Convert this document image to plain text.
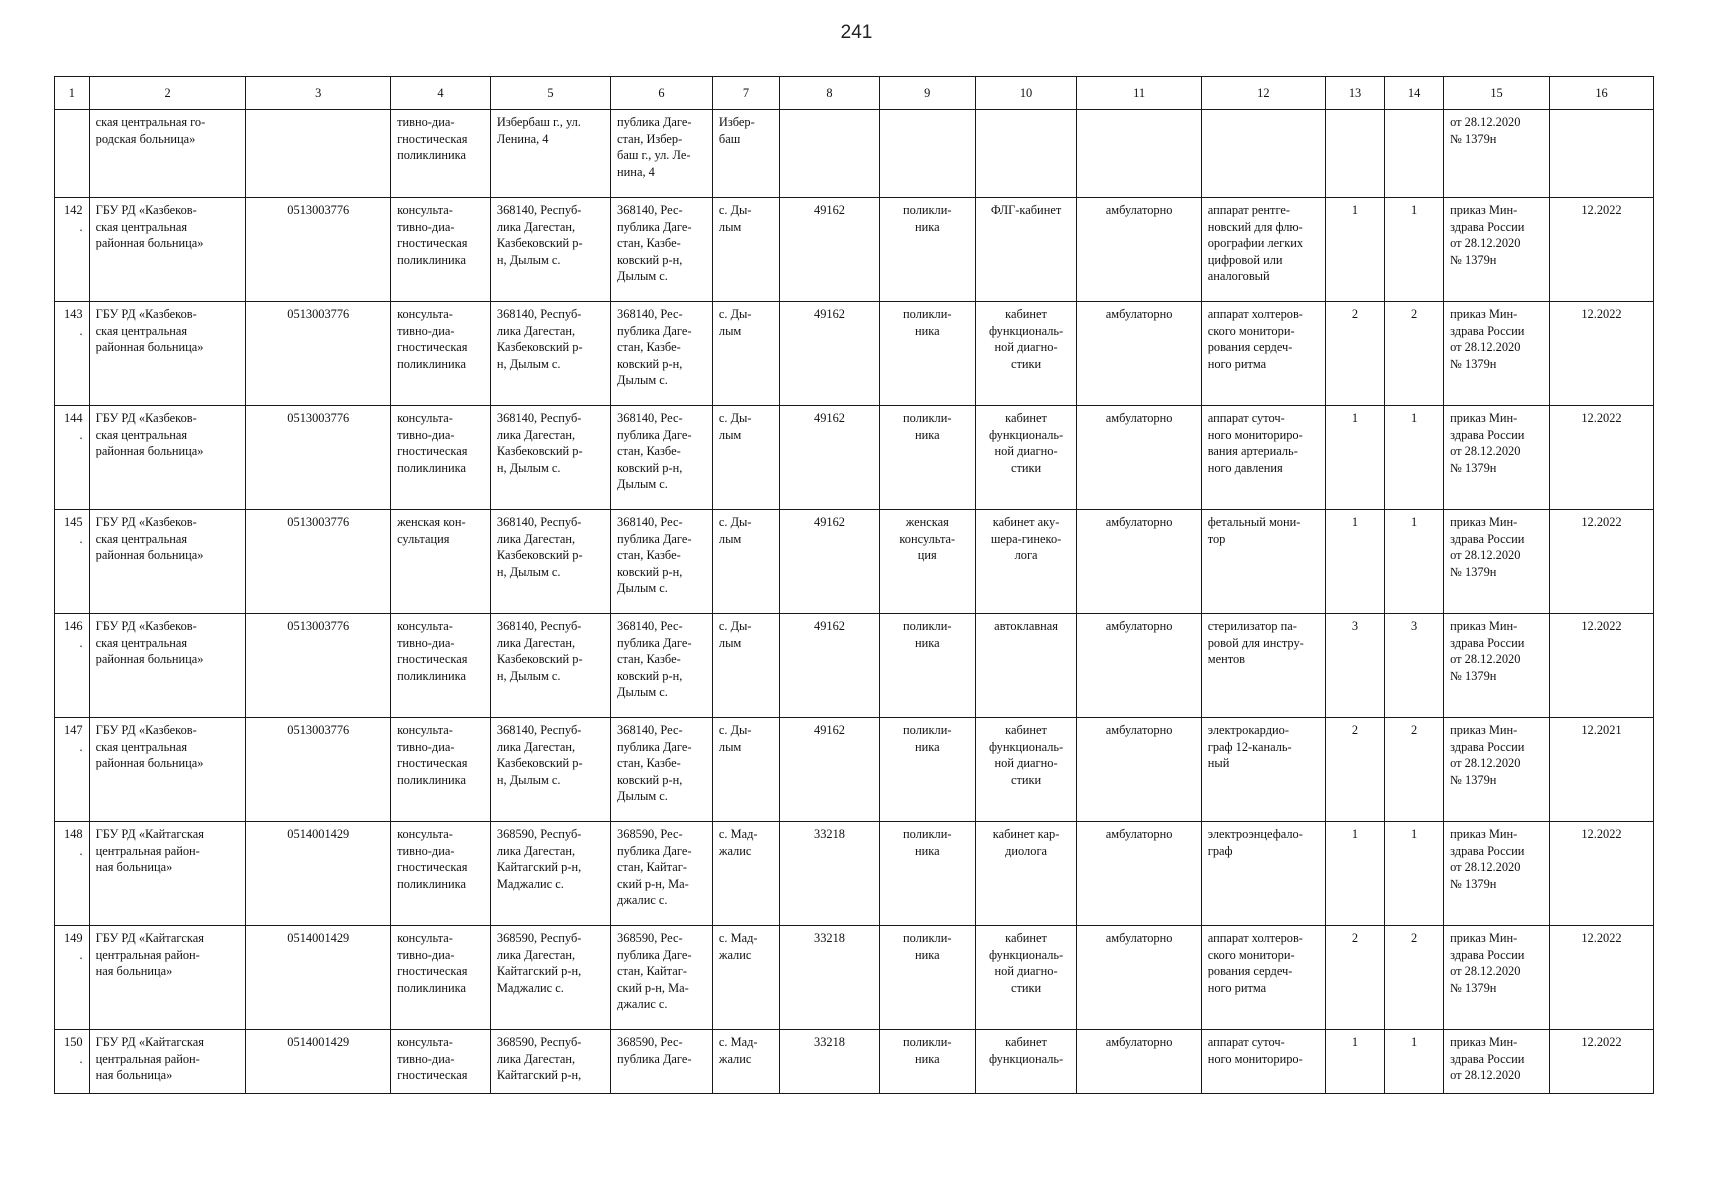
241
1	2	3	4	5	6	7	8	9	10	11	12	13	14	15	16
	ская центральная го-
родская больница»		тивно-диа-
гностическая
поликлиника	Избербаш г., ул.
Ленина, 4	публика Даге-
стан, Избер-
баш г., ул. Ле-
нина, 4	Избер-
баш								от 28.12.2020
№ 1379н	
142.	ГБУ РД «Казбеков-
ская центральная
районная больница»	0513003776	консульта-
тивно-диа-
гностическая
поликлиника	368140, Респуб-
лика Дагестан,
Казбековский р-
н, Дылым с.	368140, Рес-
публика Даге-
стан, Казбе-
ковский р-н,
Дылым с.	с. Ды-
лым	49162	поликли-
ника	ФЛГ-кабинет	амбулаторно	аппарат рентге-
новский для флю-
орографии легких
цифровой или
аналоговый	1	1	приказ Мин-
здрава России
от 28.12.2020
№ 1379н	12.2022
143.	ГБУ РД «Казбеков-
ская центральная
районная больница»	0513003776	консульта-
тивно-диа-
гностическая
поликлиника	368140, Респуб-
лика Дагестан,
Казбековский р-
н, Дылым с.	368140, Рес-
публика Даге-
стан, Казбе-
ковский р-н,
Дылым с.	с. Ды-
лым	49162	поликли-
ника	кабинет
функциональ-
ной диагно-
стики	амбулаторно	аппарат холтеров-
ского монитори-
рования сердеч-
ного ритма	2	2	приказ Мин-
здрава России
от 28.12.2020
№ 1379н	12.2022
144.	ГБУ РД «Казбеков-
ская центральная
районная больница»	0513003776	консульта-
тивно-диа-
гностическая
поликлиника	368140, Респуб-
лика Дагестан,
Казбековский р-
н, Дылым с.	368140, Рес-
публика Даге-
стан, Казбе-
ковский р-н,
Дылым с.	с. Ды-
лым	49162	поликли-
ника	кабинет
функциональ-
ной диагно-
стики	амбулаторно	аппарат суточ-
ного мониториро-
вания артериаль-
ного давления	1	1	приказ Мин-
здрава России
от 28.12.2020
№ 1379н	12.2022
145.	ГБУ РД «Казбеков-
ская центральная
районная больница»	0513003776	женская кон-
сультация	368140, Респуб-
лика Дагестан,
Казбековский р-
н, Дылым с.	368140, Рес-
публика Даге-
стан, Казбе-
ковский р-н,
Дылым с.	с. Ды-
лым	49162	женская
консульта-
ция	кабинет аку-
шера-гинеко-
лога	амбулаторно	фетальный мони-
тор	1	1	приказ Мин-
здрава России
от 28.12.2020
№ 1379н	12.2022
146.	ГБУ РД «Казбеков-
ская центральная
районная больница»	0513003776	консульта-
тивно-диа-
гностическая
поликлиника	368140, Респуб-
лика Дагестан,
Казбековский р-
н, Дылым с.	368140, Рес-
публика Даге-
стан, Казбе-
ковский р-н,
Дылым с.	с. Ды-
лым	49162	поликли-
ника	автоклавная	амбулаторно	стерилизатор па-
ровой для инстру-
ментов	3	3	приказ Мин-
здрава России
от 28.12.2020
№ 1379н	12.2022
147.	ГБУ РД «Казбеков-
ская центральная
районная больница»	0513003776	консульта-
тивно-диа-
гностическая
поликлиника	368140, Респуб-
лика Дагестан,
Казбековский р-
н, Дылым с.	368140, Рес-
публика Даге-
стан, Казбе-
ковский р-н,
Дылым с.	с. Ды-
лым	49162	поликли-
ника	кабинет
функциональ-
ной диагно-
стики	амбулаторно	электрокардио-
граф 12-каналь-
ный	2	2	приказ Мин-
здрава России
от 28.12.2020
№ 1379н	12.2021
148.	ГБУ РД «Кайтагская
центральная район-
ная больница»	0514001429	консульта-
тивно-диа-
гностическая
поликлиника	368590, Респуб-
лика Дагестан,
Кайтагский р-н,
Маджалис с.	368590, Рес-
публика Даге-
стан, Кайтаг-
ский р-н, Ма-
джалис с.	с. Мад-
жалис	33218	поликли-
ника	кабинет кар-
диолога	амбулаторно	электроэнцефало-
граф	1	1	приказ Мин-
здрава России
от 28.12.2020
№ 1379н	12.2022
149.	ГБУ РД «Кайтагская
центральная район-
ная больница»	0514001429	консульта-
тивно-диа-
гностическая
поликлиника	368590, Респуб-
лика Дагестан,
Кайтагский р-н,
Маджалис с.	368590, Рес-
публика Даге-
стан, Кайтаг-
ский р-н, Ма-
джалис с.	с. Мад-
жалис	33218	поликли-
ника	кабинет
функциональ-
ной диагно-
стики	амбулаторно	аппарат холтеров-
ского монитори-
рования сердеч-
ного ритма	2	2	приказ Мин-
здрава России
от 28.12.2020
№ 1379н	12.2022
150.	ГБУ РД «Кайтагская
центральная район-
ная больница»	0514001429	консульта-
тивно-диа-
гностическая	368590, Респуб-
лика Дагестан,
Кайтагский р-н,	368590, Рес-
публика Даге-	с. Мад-
жалис	33218	поликли-
ника	кабинет
функциональ-	амбулаторно	аппарат суточ-
ного мониториро-	1	1	приказ Мин-
здрава России
от 28.12.2020	12.2022
